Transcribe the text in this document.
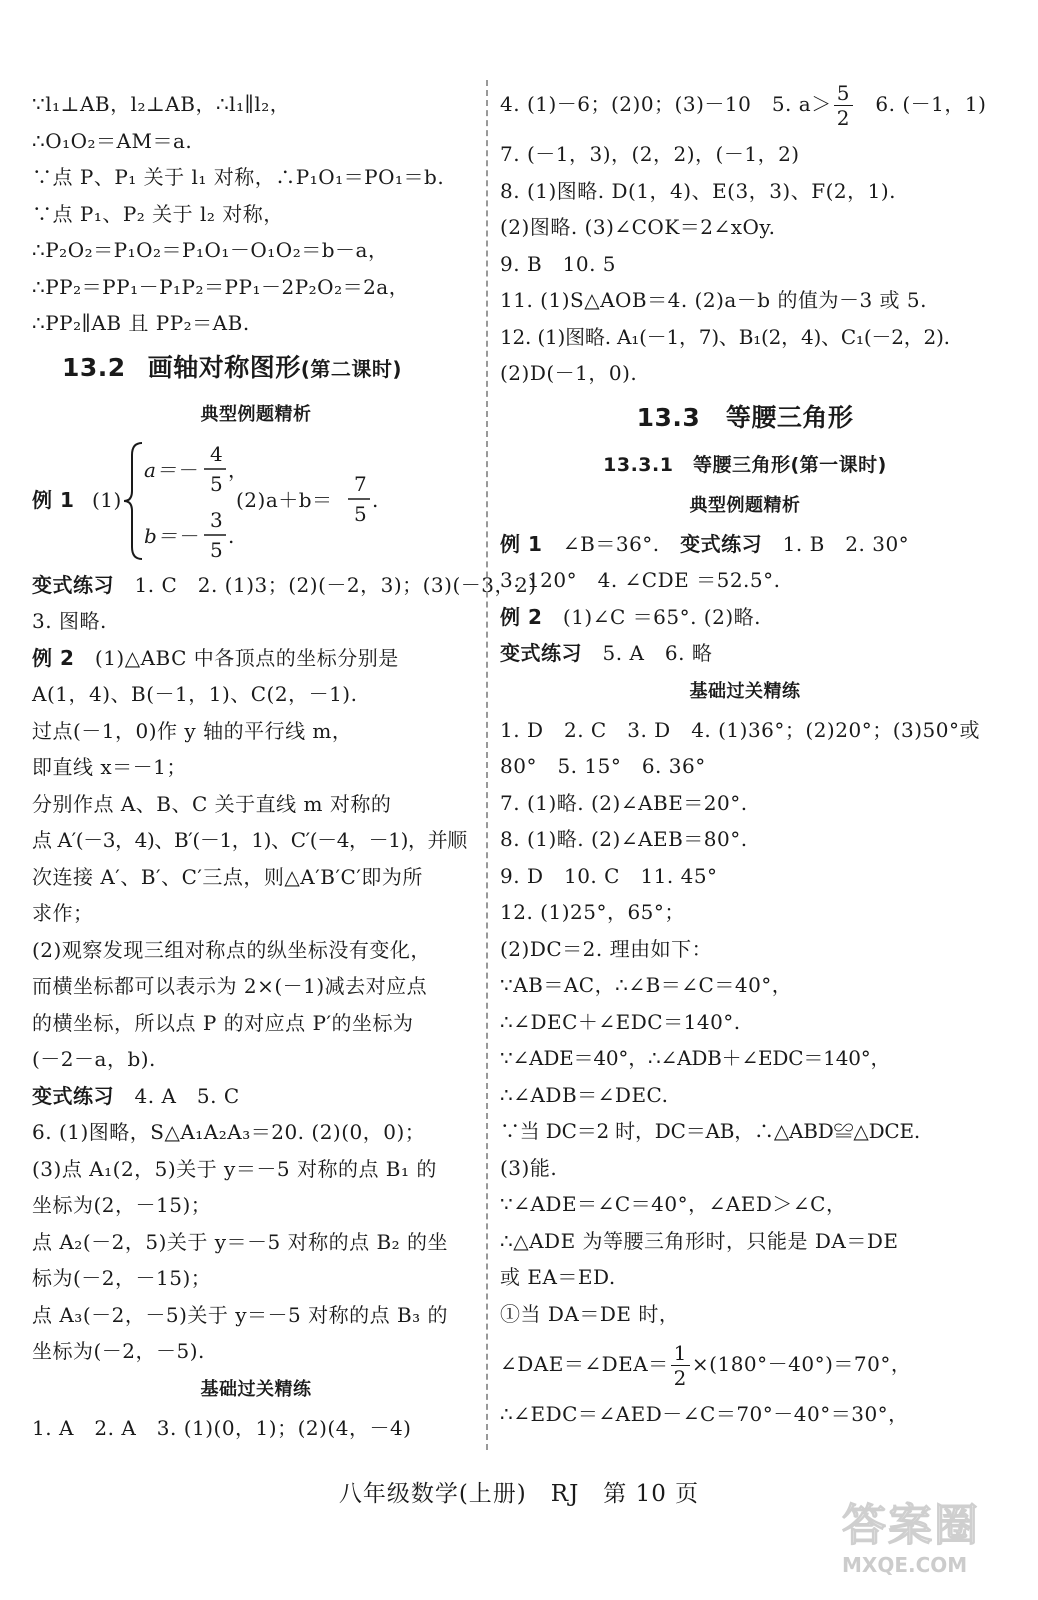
∵l₁⊥AB，l₂⊥AB，∴l₁∥l₂，
∴O₁O₂＝AM＝a.
∵点 P、P₁ 关于 l₁ 对称，∴P₁O₁＝PO₁＝b.
∵点 P₁、P₂ 关于 l₂ 对称，
∴P₂O₂＝P₁O₂＝P₁O₁－O₁O₂＝b－a，
∴PP₂＝PP₁－P₁P₂＝PP₁－2P₂O₂＝2a，
∴PP₂∥AB 且 PP₂＝AB.
13.2 画轴对称图形(第二课时)
典型例题精析
例 1 (1)
a＝－
4
5
，
b＝－
3
5
.
(2)a＋b＝
7
5
.
变式练习　 1. C　2. (1)3；(2)(－2，3)；(3)(－3，2)
3. 图略.
例 2　 (1)△ABC 中各顶点的坐标分别是
A(1，4)、B(－1，1)、C(2，－1).
过点(－1，0)作 y 轴的平行线 m，
即直线 x＝－1；
分别作点 A、B、C 关于直线 m 对称的
点 A′(－3，4)、B′(－1，1)、C′(－4，－1)，并顺
次连接 A′、B′、C′三点，则△A′B′C′即为所
求作；
(2)观察发现三组对称点的纵坐标没有变化，
而横坐标都可以表示为 2×(－1)减去对应点
的横坐标，所以点 P 的对应点 P′的坐标为
(－2－a，b).
变式练习　 4. A　5. C
6. (1)图略，S△A₁A₂A₃＝20. (2)(0，0)；
(3)点 A₁(2，5)关于 y＝－5 对称的点 B₁ 的
坐标为(2，－15)；
点 A₂(－2，5)关于 y＝－5 对称的点 B₂ 的坐
标为(－2，－15)；
点 A₃(－2，－5)关于 y＝－5 对称的点 B₃ 的
坐标为(－2，－5).
基础过关精练
1. A　2. A　3. (1)(0，1)；(2)(4，－4)
4. (1)－6；(2)0；(3)－10　5. $a> \frac{5}{2}$ 　6. (－1，1)
7. (－1，3)，(2，2)，(－1，2)
8. (1)图略. D(1，4)、E(3，3)、F(2，1).
(2)图略. (3)∠COK＝2∠xOy.
9. B　10. 5
11. (1)S△AOB＝4. (2)a－b 的值为－3 或 5.
12. (1)图略. A₁(－1，7)、B₁(2，4)、C₁(－2，2).
(2)D(－1，0).
13.3　 等腰三角形
13.3.1　 等腰三角形(第一课时)
典型例题精析
例 1　 ∠B＝36°.　 变式练习　 1. B　2. 30°
3. 120°　4. ∠CDE ＝52.5°.
例 2　 (1)∠C ＝65°. (2)略.
变式练习　 5. A　6. 略
基础过关精练
1. D　2. C　3. D　4. (1)36°；(2)20°；(3)50°或
80°　5. 15°　6. 36°
7. (1)略. (2)∠ABE＝20°.
8. (1)略. (2)∠AEB＝80°.
9. D　10. C　11. 45°
12. (1)25°，65°；
(2)DC＝2. 理由如下：
∵AB＝AC，∴∠B＝∠C＝40°，
∴∠DEC＋∠EDC＝140°.
∵∠ADE＝40°，∴∠ADB＋∠EDC＝140°，
∴∠ADB＝∠DEC.
∵当 DC＝2 时，DC＝AB，∴△ABD≌△DCE.
(3)能.
∵∠ADE＝∠C＝40°，∠AED＞∠C，
∴△ADE 为等腰三角形时，只能是 DA＝DE
或 EA＝ED.
①当 DA＝DE 时，
∠DAE＝∠DEA＝ $\frac{1}{2} \times(180^\circ-40^\circ)=70^\circ$，
∴∠EDC＝∠AED－∠C＝70°－40°＝30°，
八年级数学(上册)　RJ　第 10 页
答案圈
MXQE.COM
